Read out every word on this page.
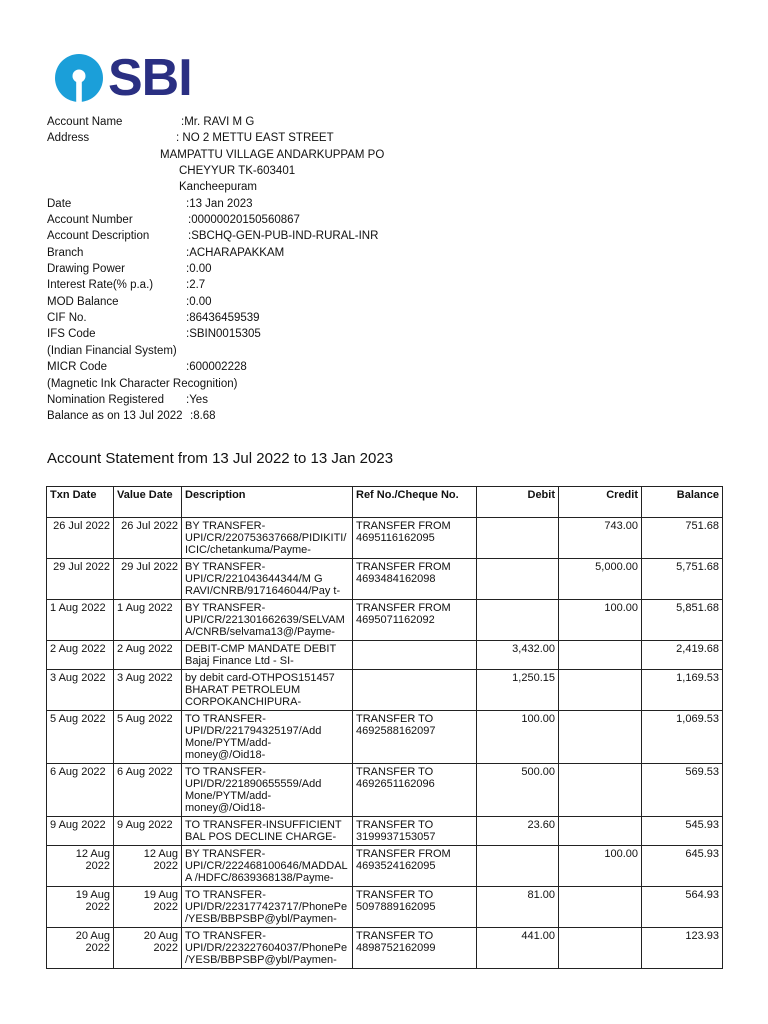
SBI
Account Name	:Mr. RAVI M G
Address	: NO 2 METTU EAST STREET
MAMPATTU VILLAGE ANDARKUPPAM PO
CHEYYUR TK-603401
Kancheepuram
Date	:13 Jan 2023
Account Number	:00000020150560867
Account Description	:SBCHQ-GEN-PUB-IND-RURAL-INR
Branch	:ACHARAPAKKAM
Drawing Power	:0.00
Interest Rate(% p.a.)	:2.7
MOD Balance	:0.00
CIF No.	:86436459539
IFS Code	:SBIN0015305
(Indian Financial System)
MICR Code	:600002228
(Magnetic Ink Character Recognition)
Nomination Registered :Yes
Balance as on 13 Jul 2022 :8.68
Account Statement from 13 Jul 2022 to 13 Jan 2023
Txn Date	Value Date	Description	Ref No./Cheque No.	Debit	Credit	Balance
26 Jul 2022	26 Jul 2022	BY TRANSFER-UPI/CR/220753637668/PIDIKITI/ICIC/chetankuma/Payme-	TRANSFER FROM 4695116162095		743.00	751.68
29 Jul 2022	29 Jul 2022	BY TRANSFER-UPI/CR/221043644344/M G RAVI/CNRB/9171646044/Pay t-	TRANSFER FROM 4693484162098		5,000.00	5,751.68
1 Aug 2022	1 Aug 2022	BY TRANSFER-UPI/CR/221301662639/SELVAM A/CNRB/selvama13@/Payme-	TRANSFER FROM 4695071162092		100.00	5,851.68
2 Aug 2022	2 Aug 2022	DEBIT-CMP MANDATE DEBIT Bajaj Finance Ltd - SI-		3,432.00		2,419.68
3 Aug 2022	3 Aug 2022	by debit card-OTHPOS151457 BHARAT PETROLEUM CORPOKANCHIPURA-		1,250.15		1,169.53
5 Aug 2022	5 Aug 2022	TO TRANSFER-UPI/DR/221794325197/Add Mone/PYTM/add-money@/Oid18-	TRANSFER TO 4692588162097	100.00		1,069.53
6 Aug 2022	6 Aug 2022	TO TRANSFER-UPI/DR/221890655559/Add Mone/PYTM/add-money@/Oid18-	TRANSFER TO 4692651162096	500.00		569.53
9 Aug 2022	9 Aug 2022	TO TRANSFER-INSUFFICIENT BAL POS DECLINE CHARGE-	TRANSFER TO 3199937153057	23.60		545.93
12 Aug 2022	12 Aug 2022	BY TRANSFER-UPI/CR/222468100646/MADDALA /HDFC/8639368138/Payme-	TRANSFER FROM 4693524162095		100.00	645.93
19 Aug 2022	19 Aug 2022	TO TRANSFER-UPI/DR/223177423717/PhonePe/YESB/BBPSBP@ybl/Paymen-	TRANSFER TO 5097889162095	81.00		564.93
20 Aug 2022	20 Aug 2022	TO TRANSFER-UPI/DR/223227604037/PhonePe/YESB/BBPSBP@ybl/Paymen-	TRANSFER TO 4898752162099	441.00		123.93
